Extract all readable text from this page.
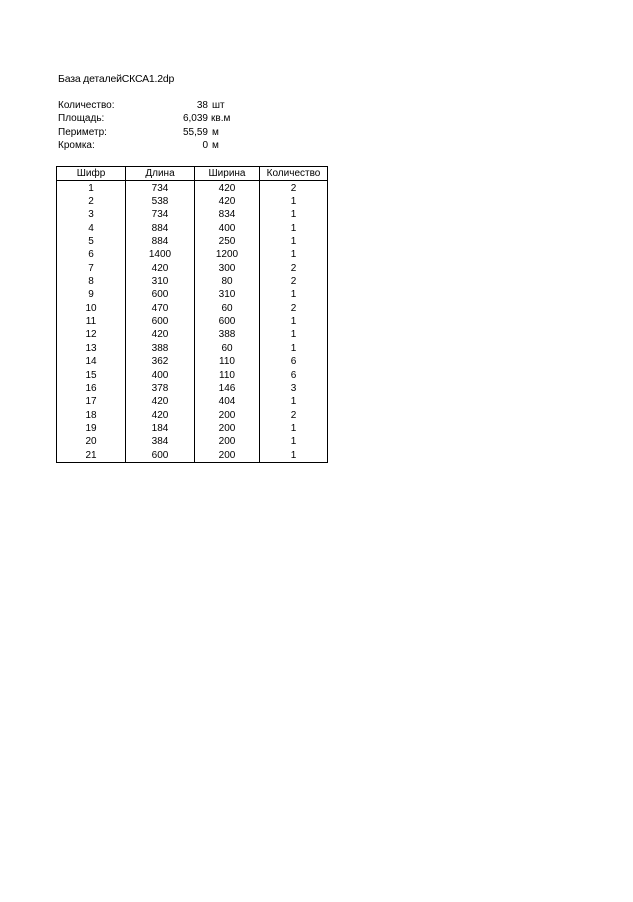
База деталейСКСА1.2dp
Количество:	38 шт
Площадь:	6,039 кв.м
Периметр:	55,59 м
Кромка:	0 м
Шифр	Длина	Ширина	Количество
1	734	420	2
2	538	420	1
3	734	834	1
4	884	400	1
5	884	250	1
6	1400	1200	1
7	420	300	2
8	310	80	2
9	600	310	1
10	470	60	2
11	600	600	1
12	420	388	1
13	388	60	1
14	362	110	6
15	400	110	6
16	378	146	3
17	420	404	1
18	420	200	2
19	184	200	1
20	384	200	1
21	600	200	1
